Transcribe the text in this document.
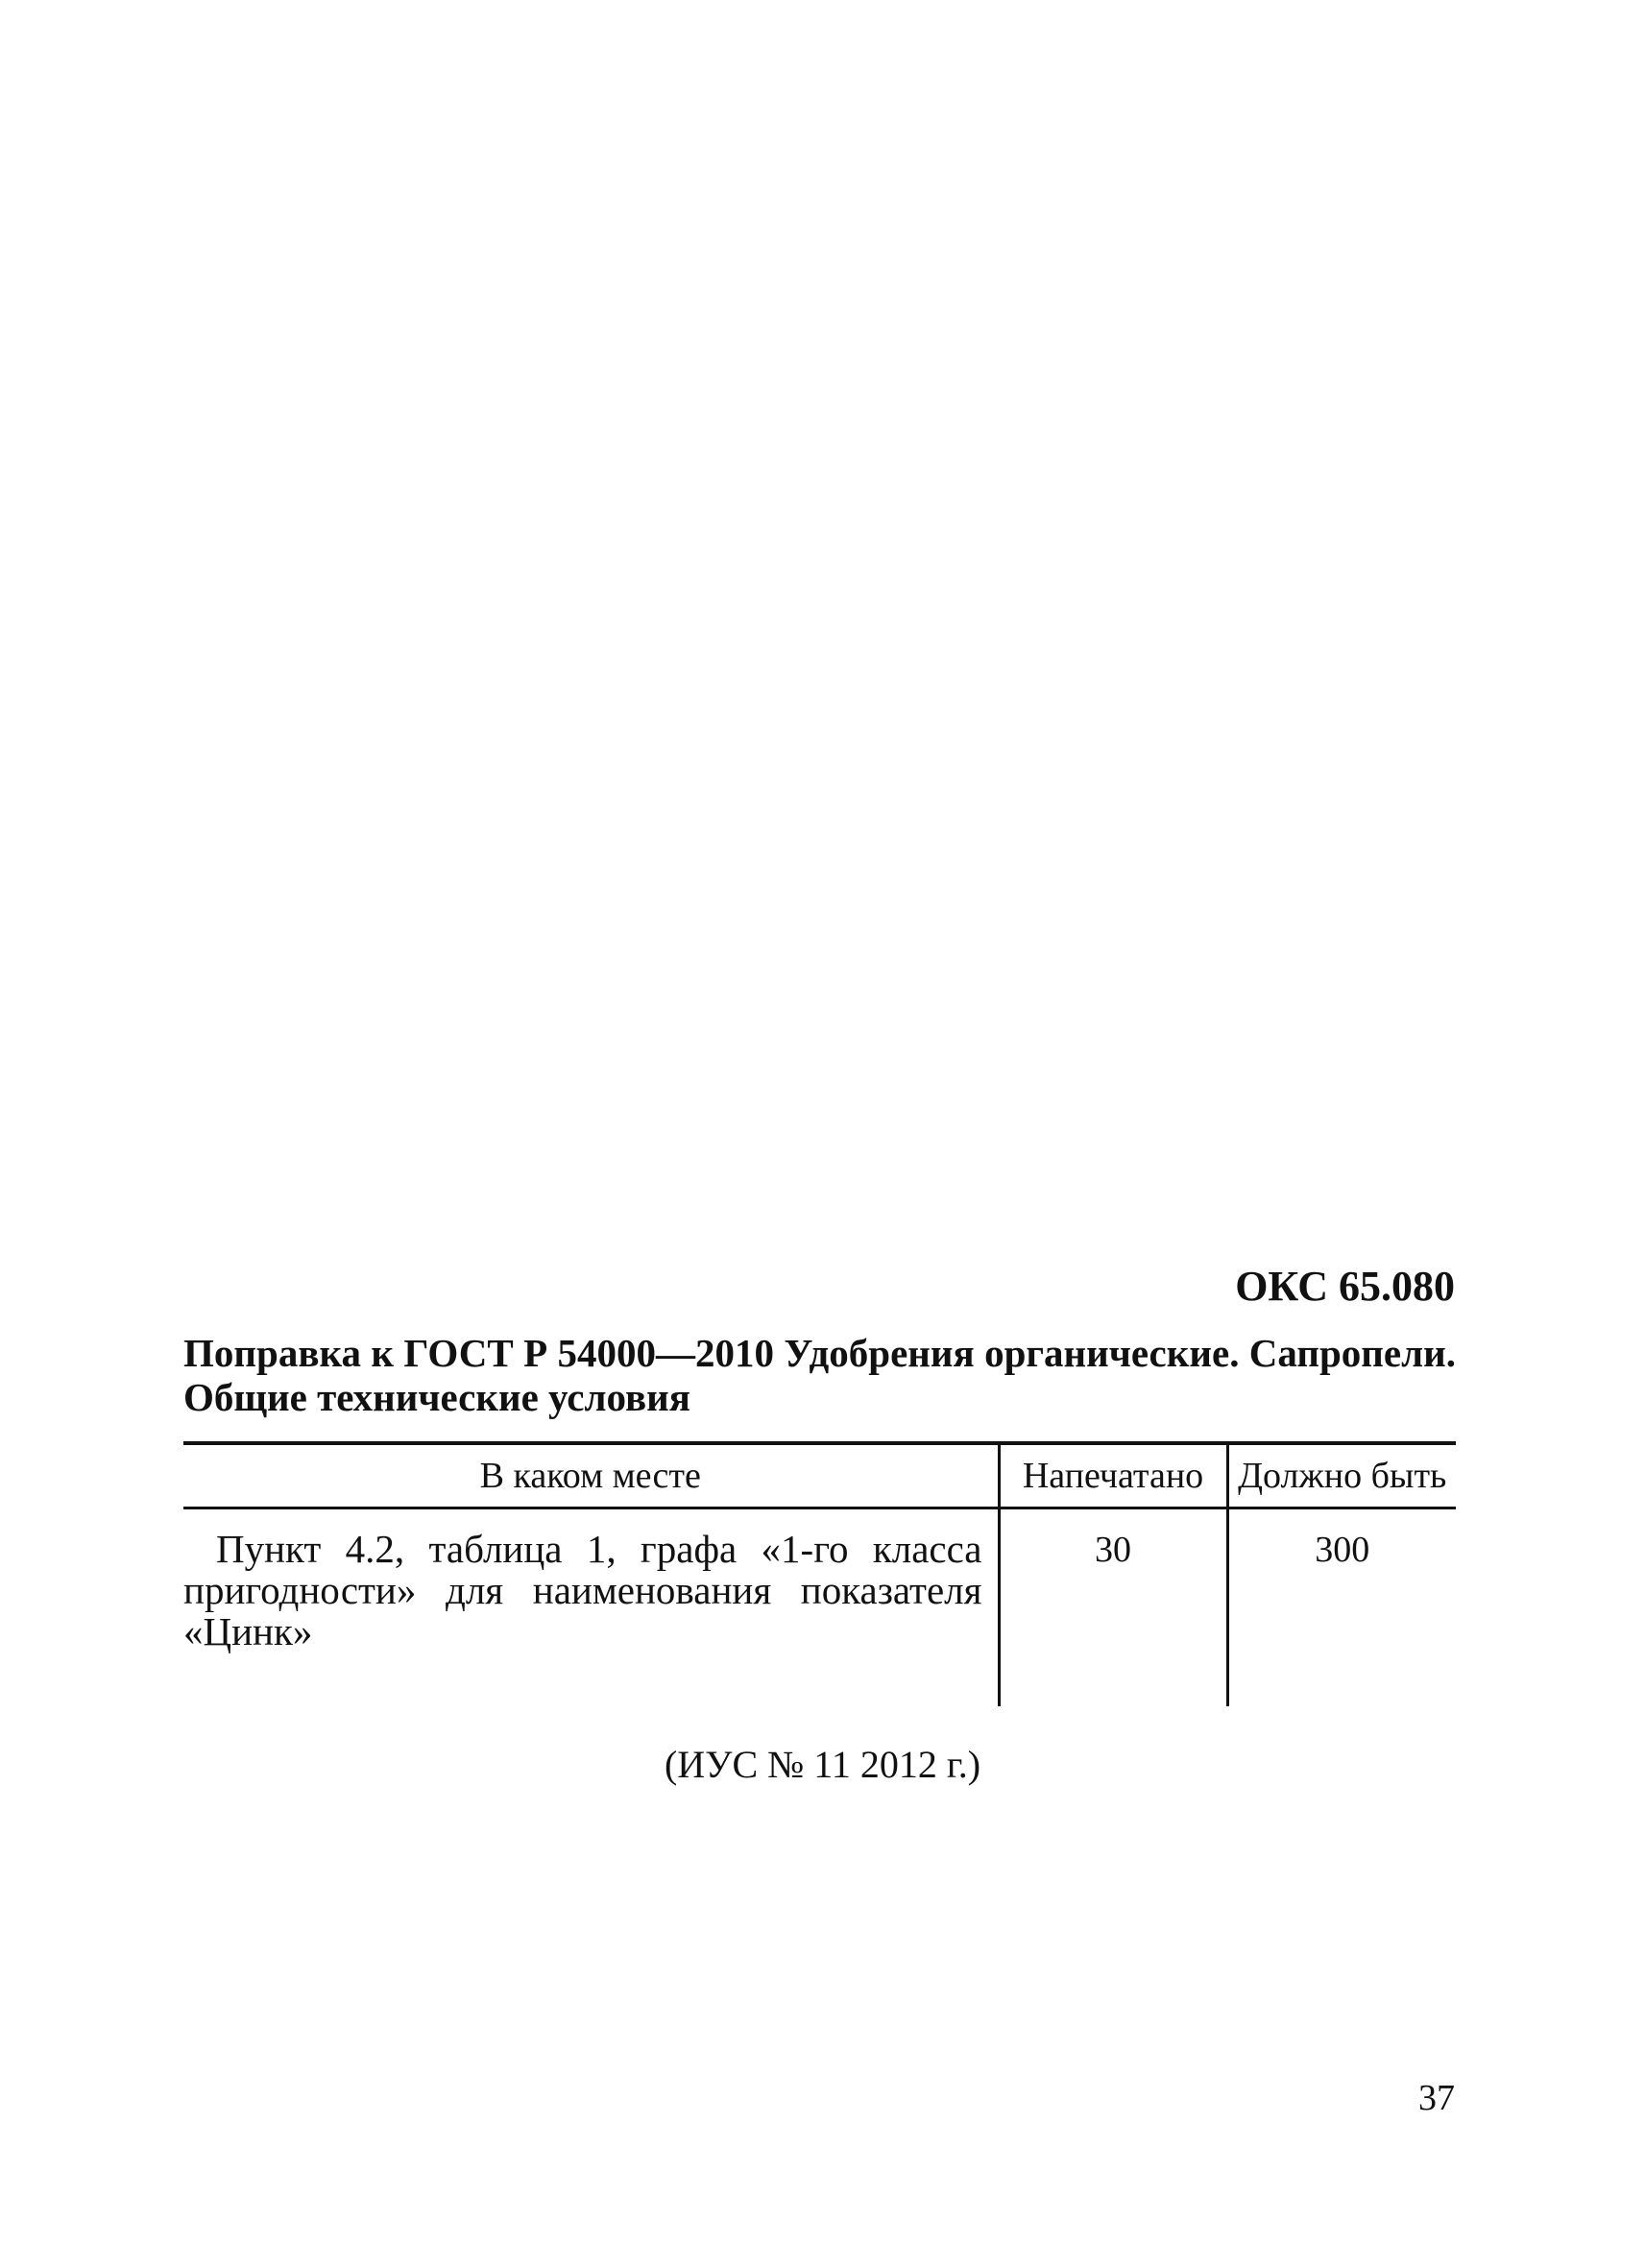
ОКС 65.080
Поправка к ГОСТ Р 54000—2010 Удобрения органические. Сапропели.
Общие технические условия
В каком месте	Напечатано	Должно быть
Пункт 4.2, таблица 1, графа «1-го класса пригодности» для наименования показателя «Цинк»	30	300
(ИУС № 11 2012 г.)
37
